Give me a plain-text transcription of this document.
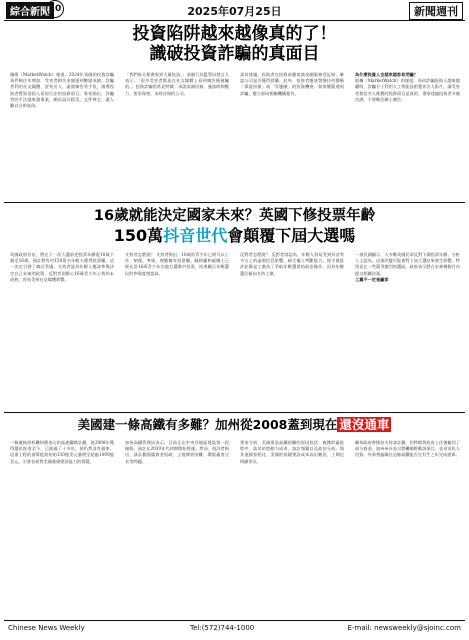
綜合新聞
10	2025年07月25日	新聞週刊
投資陷阱越來越像真的了！
識破投資詐騙的真面目
據澳《MarketWatch》報道，2024年英國的投資詐騙事件較往年增加，受害者損失金額達到數億英鎊。詐騙者利用社交媒體、冒充名人、虛假廣告等手段，誘導投資者將資金投入看似合法的投資項目。專家指出，詐騙者的手法越來越專業，網站設計精美，文件齊全，讓人難以分辨真偽。
「我們每天都會收到大量投訴，」金融行為監管局發言人表示，「很多受害者都是在社交媒體上看到廣告後被騙的。」投資詐騙的常見特徵：承諾高額回報、施加時間壓力、要求保密、未經註冊的公司。
該局建議，投資者在投資前應查詢金融服務登記冊，確認公司是否獲得授權。此外，投資者應該警惕任何聲稱「保證回報」或「零風險」的投資機會。如果懷疑遇到詐騙，應立即向相關機構報告。
為什麼投資人也越來越容易受騙？
根據《MarketWatch》的報道，為何詐騙投資人越來越聰明，詐騙分子利用人工智能技術製作名人影片，讓受害者相信名人推薦的投資項目是真的。專家建議投資者多做功課，不要輕信網上廣告。
16歲就能決定國家未來？英國下修投票年齡
150萬抖音世代會顛覆下屆大選嗎
英國政府宣布，將在下一次大選前把投票年齡從18歲下調至16歲，預計將有約150萬名年輕人獲得投票權。這一決定引發了廣泛爭議，支持者認為年輕人應該參與決定自己未來的政策，反對者則擔心16歲青少年心智尚未成熟，容易受到社交媒體影響。
支持者怎麼說？ 支持者指出，16歲的青少年已經可以工作、納稅、參軍，理應擁有投票權。蘇格蘭和威爾士已經允許16歲青少年在地方選舉中投票，結果顯示年輕選民的參與度相當高。
反對者怎麼說？ 反對者則認為，年輕人容易受到抖音等平台上的虛假信息影響，缺乏獨立判斷能力。保守黨批評此舉是工黨為了爭取年輕選票的政治操作，因為年輕選民傾向支持工黨。
一項民調顯示，大多數英國民眾反對下調投票年齡。分析人士認為，這項改變可能會對下屆大選結果產生影響，特別是在一些競爭激烈的選區。政府表示將在未來幾個月內提交相關法案。
工黨不一定是贏家
美國建一條高鐵有多難？加州從2008蓋到現在 還沒通車
一條連接洛杉磯和舊金山的高速鐵路計劃，從2008年獲得選民批准至今，已經過了十多年，卻仍然沒有通車。這項工程的預算從最初的330億美元暴增至超過1000億美元，引發各界對美國基礎建設能力的質疑。
加州高鐵管理局表示，目前正在中央谷地區建設第一段線路，預計在2030年代初期開始營運。然而，批評者指出，該計劃面臨資金短缺、土地徵收困難、環境審查冗長等問題。
專家分析，美國建設高鐵困難的原因包括：複雜的審批程序、高昂的勞動力成本、訴訟頻繁以及政治分歧。與其他國家相比，美國的基礎建設成本高出數倍，工期也明顯更長。
聯邦政府曾撥款支持該計劃，但特朗普政府上任後撤回了部分資金。加州州長表示將繼續推動該項目，並尋求私人投資。外界普遍關注這條高鐵能否在有生之年完成通車。
Chinese News Weekly	Tel:(572)744-1000	E-mail: newsweekly@sjoinc.com
